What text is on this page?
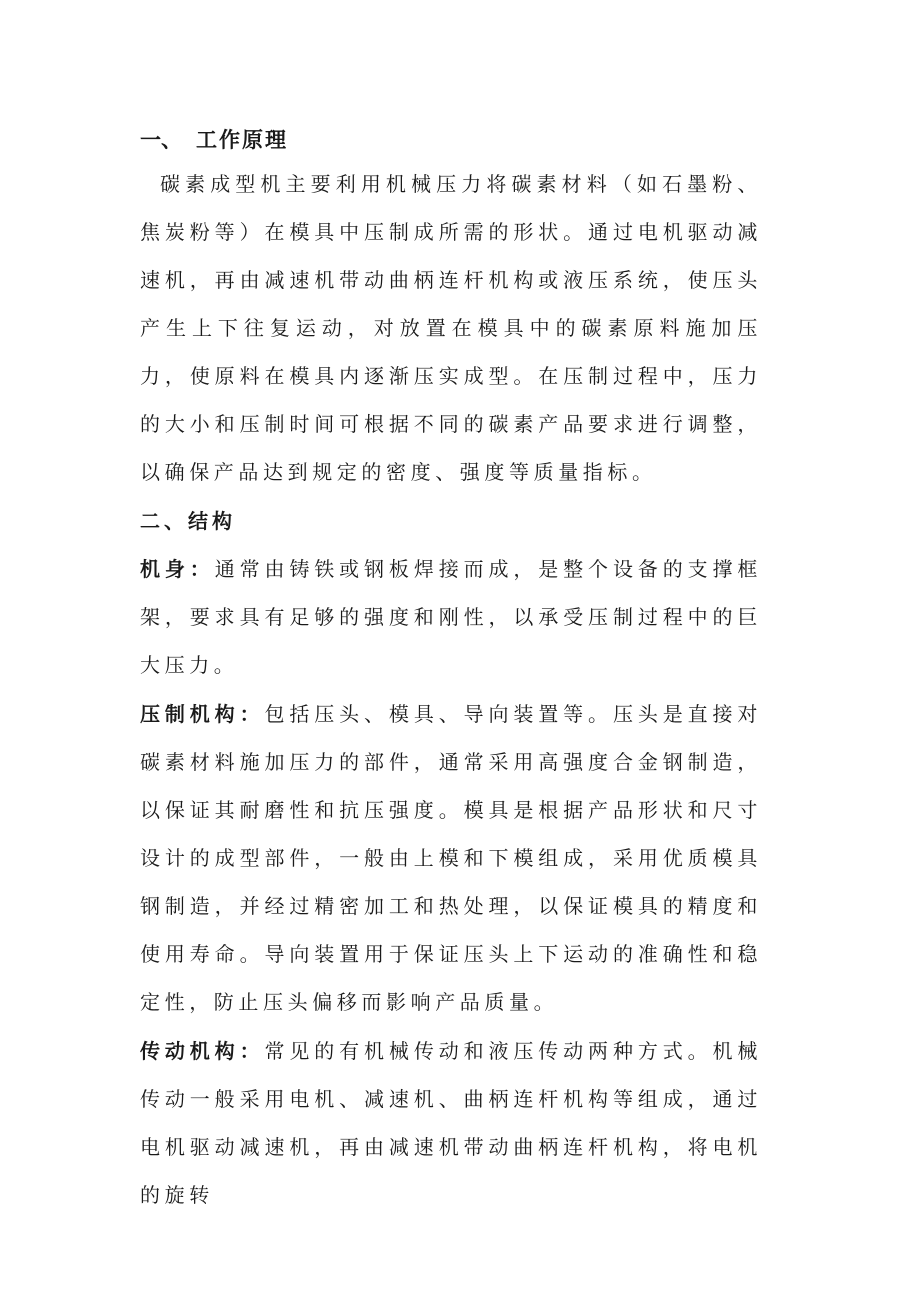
一、 工作原理

碳素成型机主要利用机械压力将碳素材料（如石墨粉、焦炭粉等）在模具中压制成所需的形状。通过电机驱动减速机，再由减速机带动曲柄连杆机构或液压系统，使压头产生上下往复运动，对放置在模具中的碳素原料施加压力，使原料在模具内逐渐压实成型。在压制过程中，压力的大小和压制时间可根据不同的碳素产品要求进行调整，以确保产品达到规定的密度、强度等质量指标。

二、结构

机身：通常由铸铁或钢板焊接而成，是整个设备的支撑框架，要求具有足够的强度和刚性，以承受压制过程中的巨大压力。

压制机构：包括压头、模具、导向装置等。压头是直接对碳素材料施加压力的部件，通常采用高强度合金钢制造，以保证其耐磨性和抗压强度。模具是根据产品形状和尺寸设计的成型部件，一般由上模和下模组成，采用优质模具钢制造，并经过精密加工和热处理，以保证模具的精度和使用寿命。导向装置用于保证压头上下运动的准确性和稳定性，防止压头偏移而影响产品质量。

传动机构：常见的有机械传动和液压传动两种方式。机械传动一般采用电机、减速机、曲柄连杆机构等组成，通过电机驱动减速机，再由减速机带动曲柄连杆机构，将电机的旋转
